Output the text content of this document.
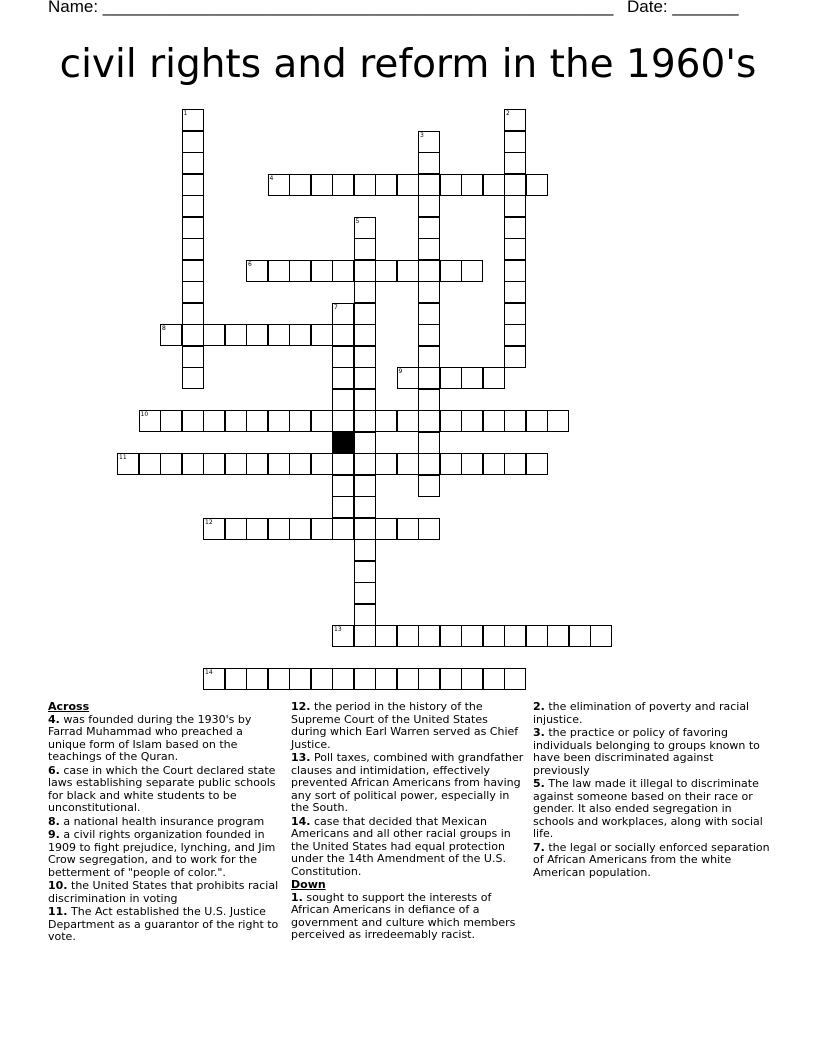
Name: ______________________________________________________ Date: _______
civil rights and reform in the 1960's
1	2
3
4
5
6
7
8
9
10
11
12
13
14
Across
4. was founded during the 1930's by Farrad Muhammad who preached a unique form of Islam based on the teachings of the Quran.
6. case in which the Court declared state laws establishing separate public schools for black and white students to be unconstitutional.
8. a national health insurance program
9. a civil rights organization founded in 1909 to fight prejudice, lynching, and Jim Crow segregation, and to work for the betterment of "people of color.".
10. the United States that prohibits racial discrimination in voting
11. The Act established the U.S. Justice Department as a guarantor of the right to vote.
12. the period in the history of the Supreme Court of the United States during which Earl Warren served as Chief Justice.
13. Poll taxes, combined with grandfather clauses and intimidation, effectively prevented African Americans from having any sort of political power, especially in the South.
14. case that decided that Mexican Americans and all other racial groups in the United States had equal protection under the 14th Amendment of the U.S. Constitution.
Down
1. sought to support the interests of African Americans in defiance of a government and culture which members perceived as irredeemably racist.
2. the elimination of poverty and racial injustice.
3. the practice or policy of favoring individuals belonging to groups known to have been discriminated against previously
5. The law made it illegal to discriminate against someone based on their race or gender. It also ended segregation in schools and workplaces, along with social life.
7. the legal or socially enforced separation of African Americans from the white American population.
